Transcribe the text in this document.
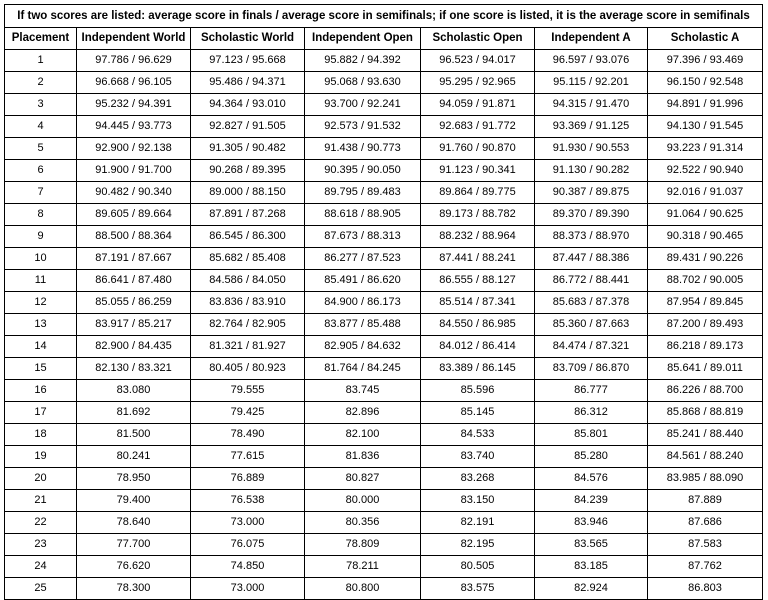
If two scores are listed: average score in finals / average score in semifinals; if one score is listed, it is the average score in semifinals						
Placement	Independent World	Scholastic World	Independent Open	Scholastic Open	Independent A	Scholastic A
1	97.786 / 96.629	97.123 / 95.668	95.882 / 94.392	96.523 / 94.017	96.597 / 93.076	97.396 / 93.469
2	96.668 / 96.105	95.486 / 94.371	95.068 / 93.630	95.295 / 92.965	95.115 / 92.201	96.150 / 92.548
3	95.232 / 94.391	94.364 / 93.010	93.700 / 92.241	94.059 / 91.871	94.315 / 91.470	94.891 / 91.996
4	94.445 / 93.773	92.827 / 91.505	92.573 / 91.532	92.683 / 91.772	93.369 / 91.125	94.130 / 91.545
5	92.900 / 92.138	91.305 / 90.482	91.438 / 90.773	91.760 / 90.870	91.930 / 90.553	93.223 / 91.314
6	91.900 / 91.700	90.268 / 89.395	90.395 / 90.050	91.123 / 90.341	91.130 / 90.282	92.522 / 90.940
7	90.482 / 90.340	89.000 / 88.150	89.795 / 89.483	89.864 / 89.775	90.387 / 89.875	92.016 / 91.037
8	89.605 / 89.664	87.891 / 87.268	88.618 / 88.905	89.173 / 88.782	89.370 / 89.390	91.064 / 90.625
9	88.500 / 88.364	86.545 / 86.300	87.673 / 88.313	88.232 / 88.964	88.373 / 88.970	90.318 / 90.465
10	87.191 / 87.667	85.682 / 85.408	86.277 / 87.523	87.441 / 88.241	87.447 / 88.386	89.431 / 90.226
11	86.641 / 87.480	84.586 / 84.050	85.491 / 86.620	86.555 / 88.127	86.772 / 88.441	88.702 / 90.005
12	85.055 / 86.259	83.836 / 83.910	84.900 / 86.173	85.514 / 87.341	85.683 / 87.378	87.954 / 89.845
13	83.917 / 85.217	82.764 / 82.905	83.877 / 85.488	84.550 / 86.985	85.360 / 87.663	87.200 / 89.493
14	82.900 / 84.435	81.321 / 81.927	82.905 / 84.632	84.012 / 86.414	84.474 / 87.321	86.218 / 89.173
15	82.130 / 83.321	80.405 / 80.923	81.764 / 84.245	83.389 / 86.145	83.709 / 86.870	85.641 / 89.011
16	83.080	79.555	83.745	85.596	86.777	86.226 / 88.700
17	81.692	79.425	82.896	85.145	86.312	85.868 / 88.819
18	81.500	78.490	82.100	84.533	85.801	85.241 / 88.440
19	80.241	77.615	81.836	83.740	85.280	84.561 / 88.240
20	78.950	76.889	80.827	83.268	84.576	83.985 / 88.090
21	79.400	76.538	80.000	83.150	84.239	87.889
22	78.640	73.000	80.356	82.191	83.946	87.686
23	77.700	76.075	78.809	82.195	83.565	87.583
24	76.620	74.850	78.211	80.505	83.185	87.762
25	78.300	73.000	80.800	83.575	82.924	86.803
